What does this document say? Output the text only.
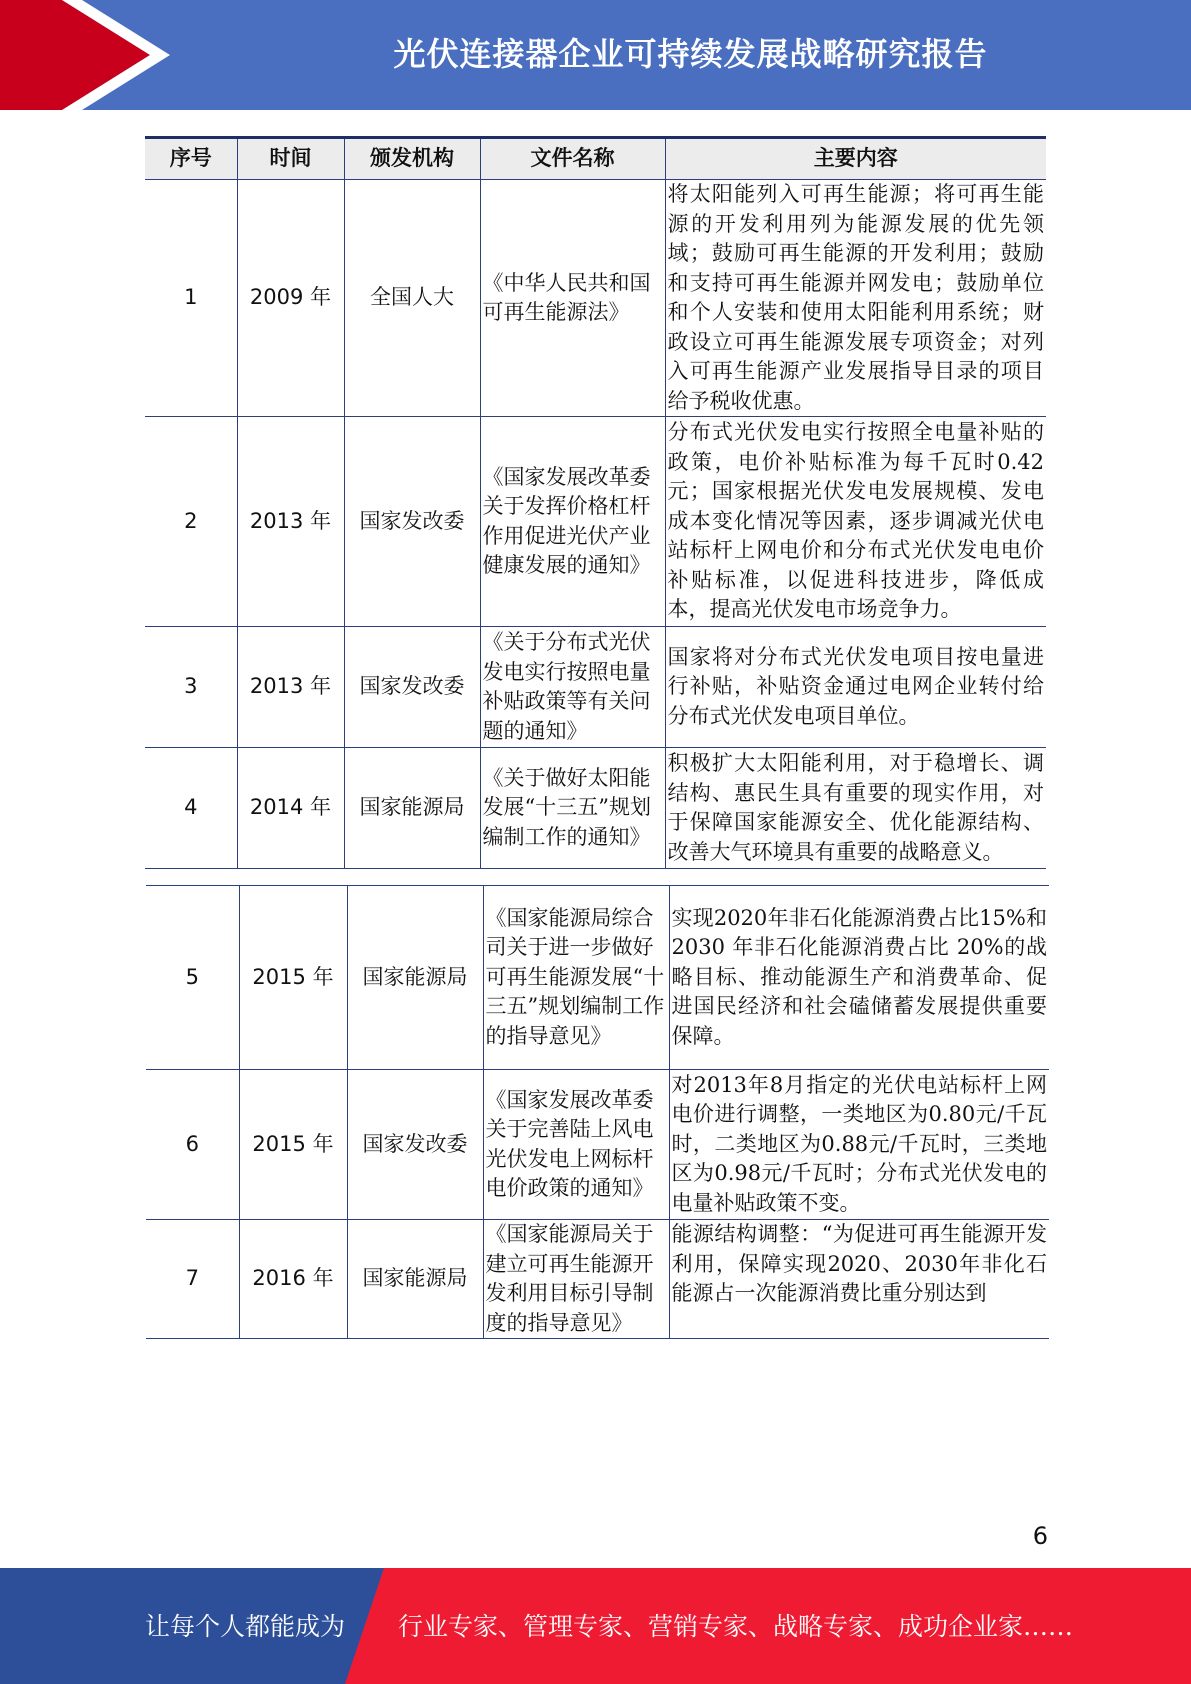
光伏连接器企业可持续发展战略研究报告
序号	时间	颁发机构	文件名称	主要内容
1	2009 年	全国人大	《中华人民共和国可再生能源法》	将太阳能列入可再生能源；将可再生能源的开发利用列为能源发展的优先领域；鼓励可再生能源的开发利用；鼓励和支持可再生能源并网发电；鼓励单位和个人安装和使用太阳能利用系统；财政设立可再生能源发展专项资金；对列入可再生能源产业发展指导目录的项目给予税收优惠。
2	2013 年	国家发改委	《国家发展改革委关于发挥价格杠杆作用促进光伏产业健康发展的通知》	分布式光伏发电实行按照全电量补贴的政策，电价补贴标准为每千瓦时0.42元；国家根据光伏发电发展规模、发电成本变化情况等因素，逐步调减光伏电站标杆上网电价和分布式光伏发电电价补贴标准，以促进科技进步，降低成本，提高光伏发电市场竞争力。
3	2013 年	国家发改委	《关于分布式光伏发电实行按照电量补贴政策等有关问题的通知》	国家将对分布式光伏发电项目按电量进行补贴，补贴资金通过电网企业转付给分布式光伏发电项目单位。
4	2014 年	国家能源局	《关于做好太阳能发展“十三五”规划编制工作的通知》	积极扩大太阳能利用，对于稳增长、调结构、惠民生具有重要的现实作用，对于保障国家能源安全、优化能源结构、改善大气环境具有重要的战略意义。
5	2015 年	国家能源局	《国家能源局综合司关于进一步做好可再生能源发展“十三五”规划编制工作的指导意见》	实现2020年非石化能源消费占比15%和 2030 年非石化能源消费占比 20%的战略目标、推动能源生产和消费革命、促进国民经济和社会磕储蓄发展提供重要保障。
6	2015 年	国家发改委	《国家发展改革委关于完善陆上风电光伏发电上网标杆电价政策的通知》	对2013年8月指定的光伏电站标杆上网电价进行调整，一类地区为0.80元/千瓦时，二类地区为0.88元/千瓦时，三类地区为0.98元/千瓦时；分布式光伏发电的电量补贴政策不变。
7	2016 年	国家能源局	《国家能源局关于建立可再生能源开发利用目标引导制度的指导意见》	能源结构调整：“为促进可再生能源开发利用，保障实现2020、2030年非化石能源占一次能源消费比重分别达到
6
让每个人都能成为 行业专家、管理专家、营销专家、战略专家、成功企业家……
